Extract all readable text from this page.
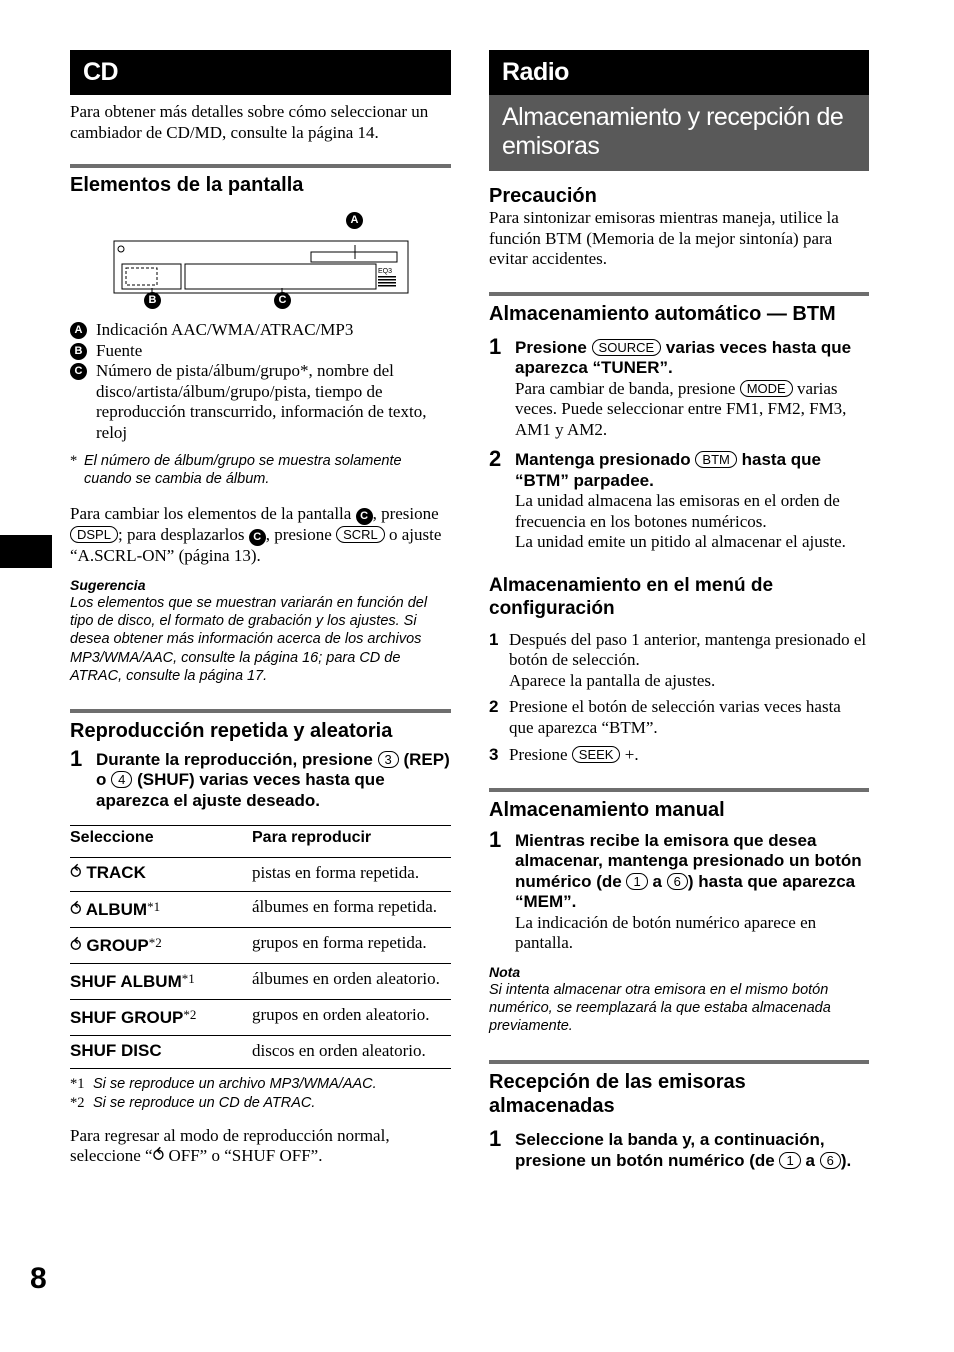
8
CD
Para obtener más detalles sobre cómo seleccionar un cambiador de CD/MD, consulte la página 14.
Elementos de la pantalla
EQ3
A
B	C
A Indicación AAC/WMA/ATRAC/MP3
B Fuente
C Número de pista/álbum/grupo*, nombre del disco/artista/álbum/grupo/pista, tiempo de reproducción transcurrido, información de texto, reloj
* El número de álbum/grupo se muestra solamente cuando se cambia de álbum.
Para cambiar los elementos de la pantalla C , presione DSPL ; para desplazarlos C , presione SCRL o ajuste “A.SCRL-ON” (página 13).
Sugerencia
Los elementos que se muestran variarán en función del tipo de disco, el formato de grabación y los ajustes. Si desea obtener más información acerca de los archivos MP3/WMA/AAC, consulte la página 16; para CD de ATRAC, consulte la página 17.
Reproducción repetida y aleatoria
1 Durante la reproducción, presione 3 (REP) o 4 (SHUF) varias veces hasta que aparezca el ajuste deseado.
Seleccione	Para reproducir
⥀ TRACK	pistas en forma repetida.
⥀ ALBUM$^{*1}$	álbumes en forma repetida.
⥀ GROUP$^{*2}$	grupos en forma repetida.
SHUF ALBUM$^{*1}$	álbumes en orden aleatorio.
SHUF GROUP$^{*2}$	grupos en orden aleatorio.
SHUF DISC	discos en orden aleatorio.
*1 Si se reproduce un archivo MP3/WMA/AAC.
*2 Si se reproduce un CD de ATRAC.
Para regresar al modo de reproducción normal, seleccione “⥀ OFF” o “SHUF OFF”.
Radio
Almacenamiento y recepción de emisoras
Precaución
Para sintonizar emisoras mientras maneja, utilice la función BTM (Memoria de la mejor sintonía) para evitar accidentes.
Almacenamiento automático — BTM
1 Presione SOURCE varias veces hasta que aparezca “TUNER”.
Para cambiar de banda, presione MODE varias veces. Puede seleccionar entre FM1, FM2, FM3, AM1 y AM2.
2 Mantenga presionado BTM hasta que “BTM” parpadee.
La unidad almacena las emisoras en el orden de frecuencia en los botones numéricos.
La unidad emite un pitido al almacenar el ajuste.
Almacenamiento en el menú de configuración
1 Después del paso 1 anterior, mantenga presionado el botón de selección.
Aparece la pantalla de ajustes.
2 Presione el botón de selección varias veces hasta que aparezca “BTM”.
3 Presione SEEK +.
Almacenamiento manual
1 Mientras recibe la emisora que desea almacenar, mantenga presionado un botón numérico (de 1 a 6 ) hasta que aparezca “MEM”.
La indicación de botón numérico aparece en pantalla.
Nota
Si intenta almacenar otra emisora en el mismo botón numérico, se reemplazará la que estaba almacenada previamente.
Recepción de las emisoras almacenadas
1 Seleccione la banda y, a continuación, presione un botón numérico (de 1 a 6 ).
